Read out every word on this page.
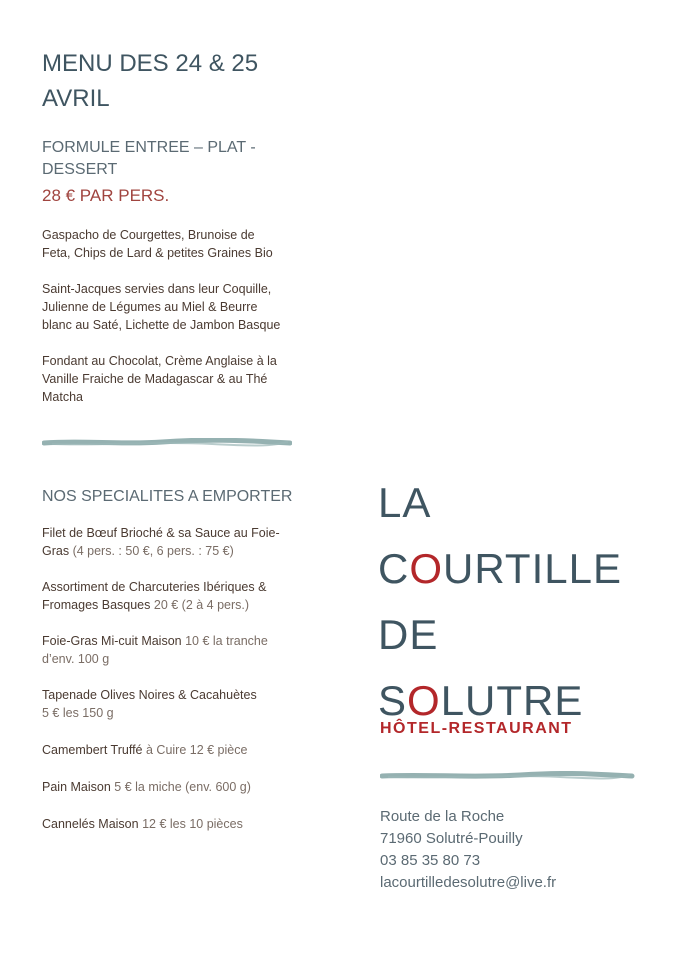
MENU DES 24 & 25
AVRIL
FORMULE ENTREE – PLAT -
DESSERT
28 € PAR PERS.
Gaspacho de Courgettes, Brunoise de
Feta, Chips de Lard & petites Graines Bio
Saint-Jacques servies dans leur Coquille,
Julienne de Légumes au Miel & Beurre
blanc au Saté, Lichette de Jambon Basque
Fondant au Chocolat, Crème Anglaise à la
Vanille Fraiche de Madagascar & au Thé
Matcha
NOS SPECIALITES A EMPORTER
Filet de Bœuf Brioché & sa Sauce au Foie-
Gras (4 pers. : 50 €, 6 pers. : 75 €)
Assortiment de Charcuteries Ibériques &
Fromages Basques 20 € (2 à 4 pers.)
Foie-Gras Mi-cuit Maison 10 € la tranche
d’env. 100 g
Tapenade Olives Noires & Cacahuètes
5 € les 150 g
Camembert Truffé à Cuire 12 € pièce
Pain Maison 5 € la miche (env. 600 g)
Cannelés Maison 12 € les 10 pièces
LA
COURTILLE
DE
SOLUTRE
HÔTEL-RESTAURANT
Route de la Roche
71960 Solutré-Pouilly
03 85 35 80 73
lacourtilledesolutre@live.fr
